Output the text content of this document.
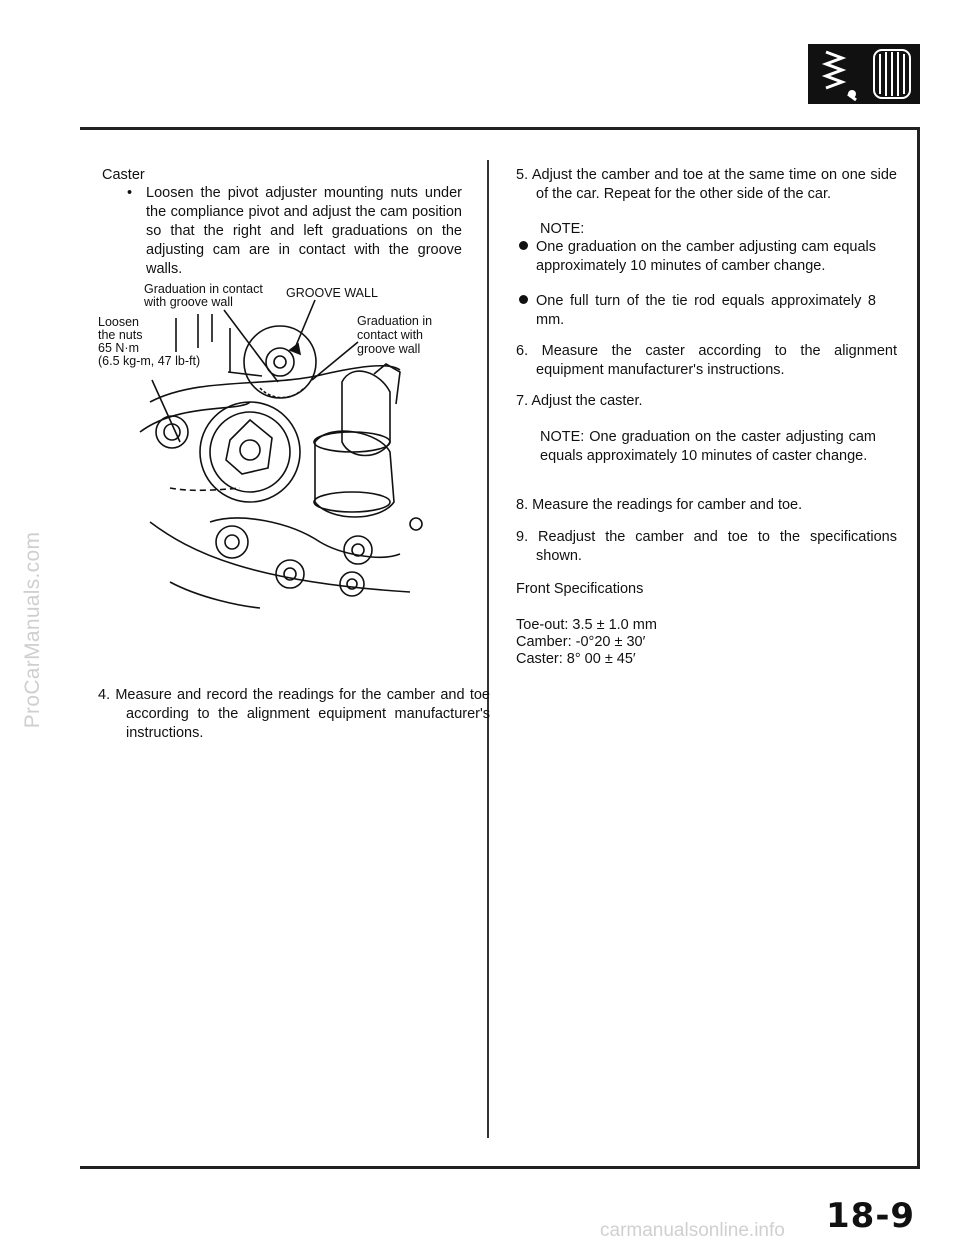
ProCarManuals.com
Caster
• Loosen the pivot adjuster mounting nuts under the compliance pivot and adjust the cam position so that the right and left graduations on the adjusting cam are in contact with the groove walls.
Graduation in contact
with groove wall
GROOVE WALL
Graduation in
contact with
groove wall
Loosen
the nuts
65 N·m
(6.5 kg-m, 47 lb-ft)
4. Measure and record the readings for the camber and toe according to the alignment equipment manufacturer's instructions.
5. Adjust the camber and toe at the same time on one side of the car. Repeat for the other side of the car.
NOTE:
One graduation on the camber adjusting cam equals approximately 10 minutes of camber change.
One full turn of the tie rod equals approximately 8 mm.
6. Measure the caster according to the alignment equipment manufacturer's instructions.
7. Adjust the caster.
NOTE: One graduation on the caster adjusting cam equals approximately 10 minutes of caster change.
8. Measure the readings for camber and toe.
9. Readjust the camber and toe to the specifications shown.
Front Specifications
Toe-out: 3.5 ± 1.0 mm
Camber: -0°20 ± 30′
Caster: 8° 00 ± 45′
18-9
carmanualsonline.info
